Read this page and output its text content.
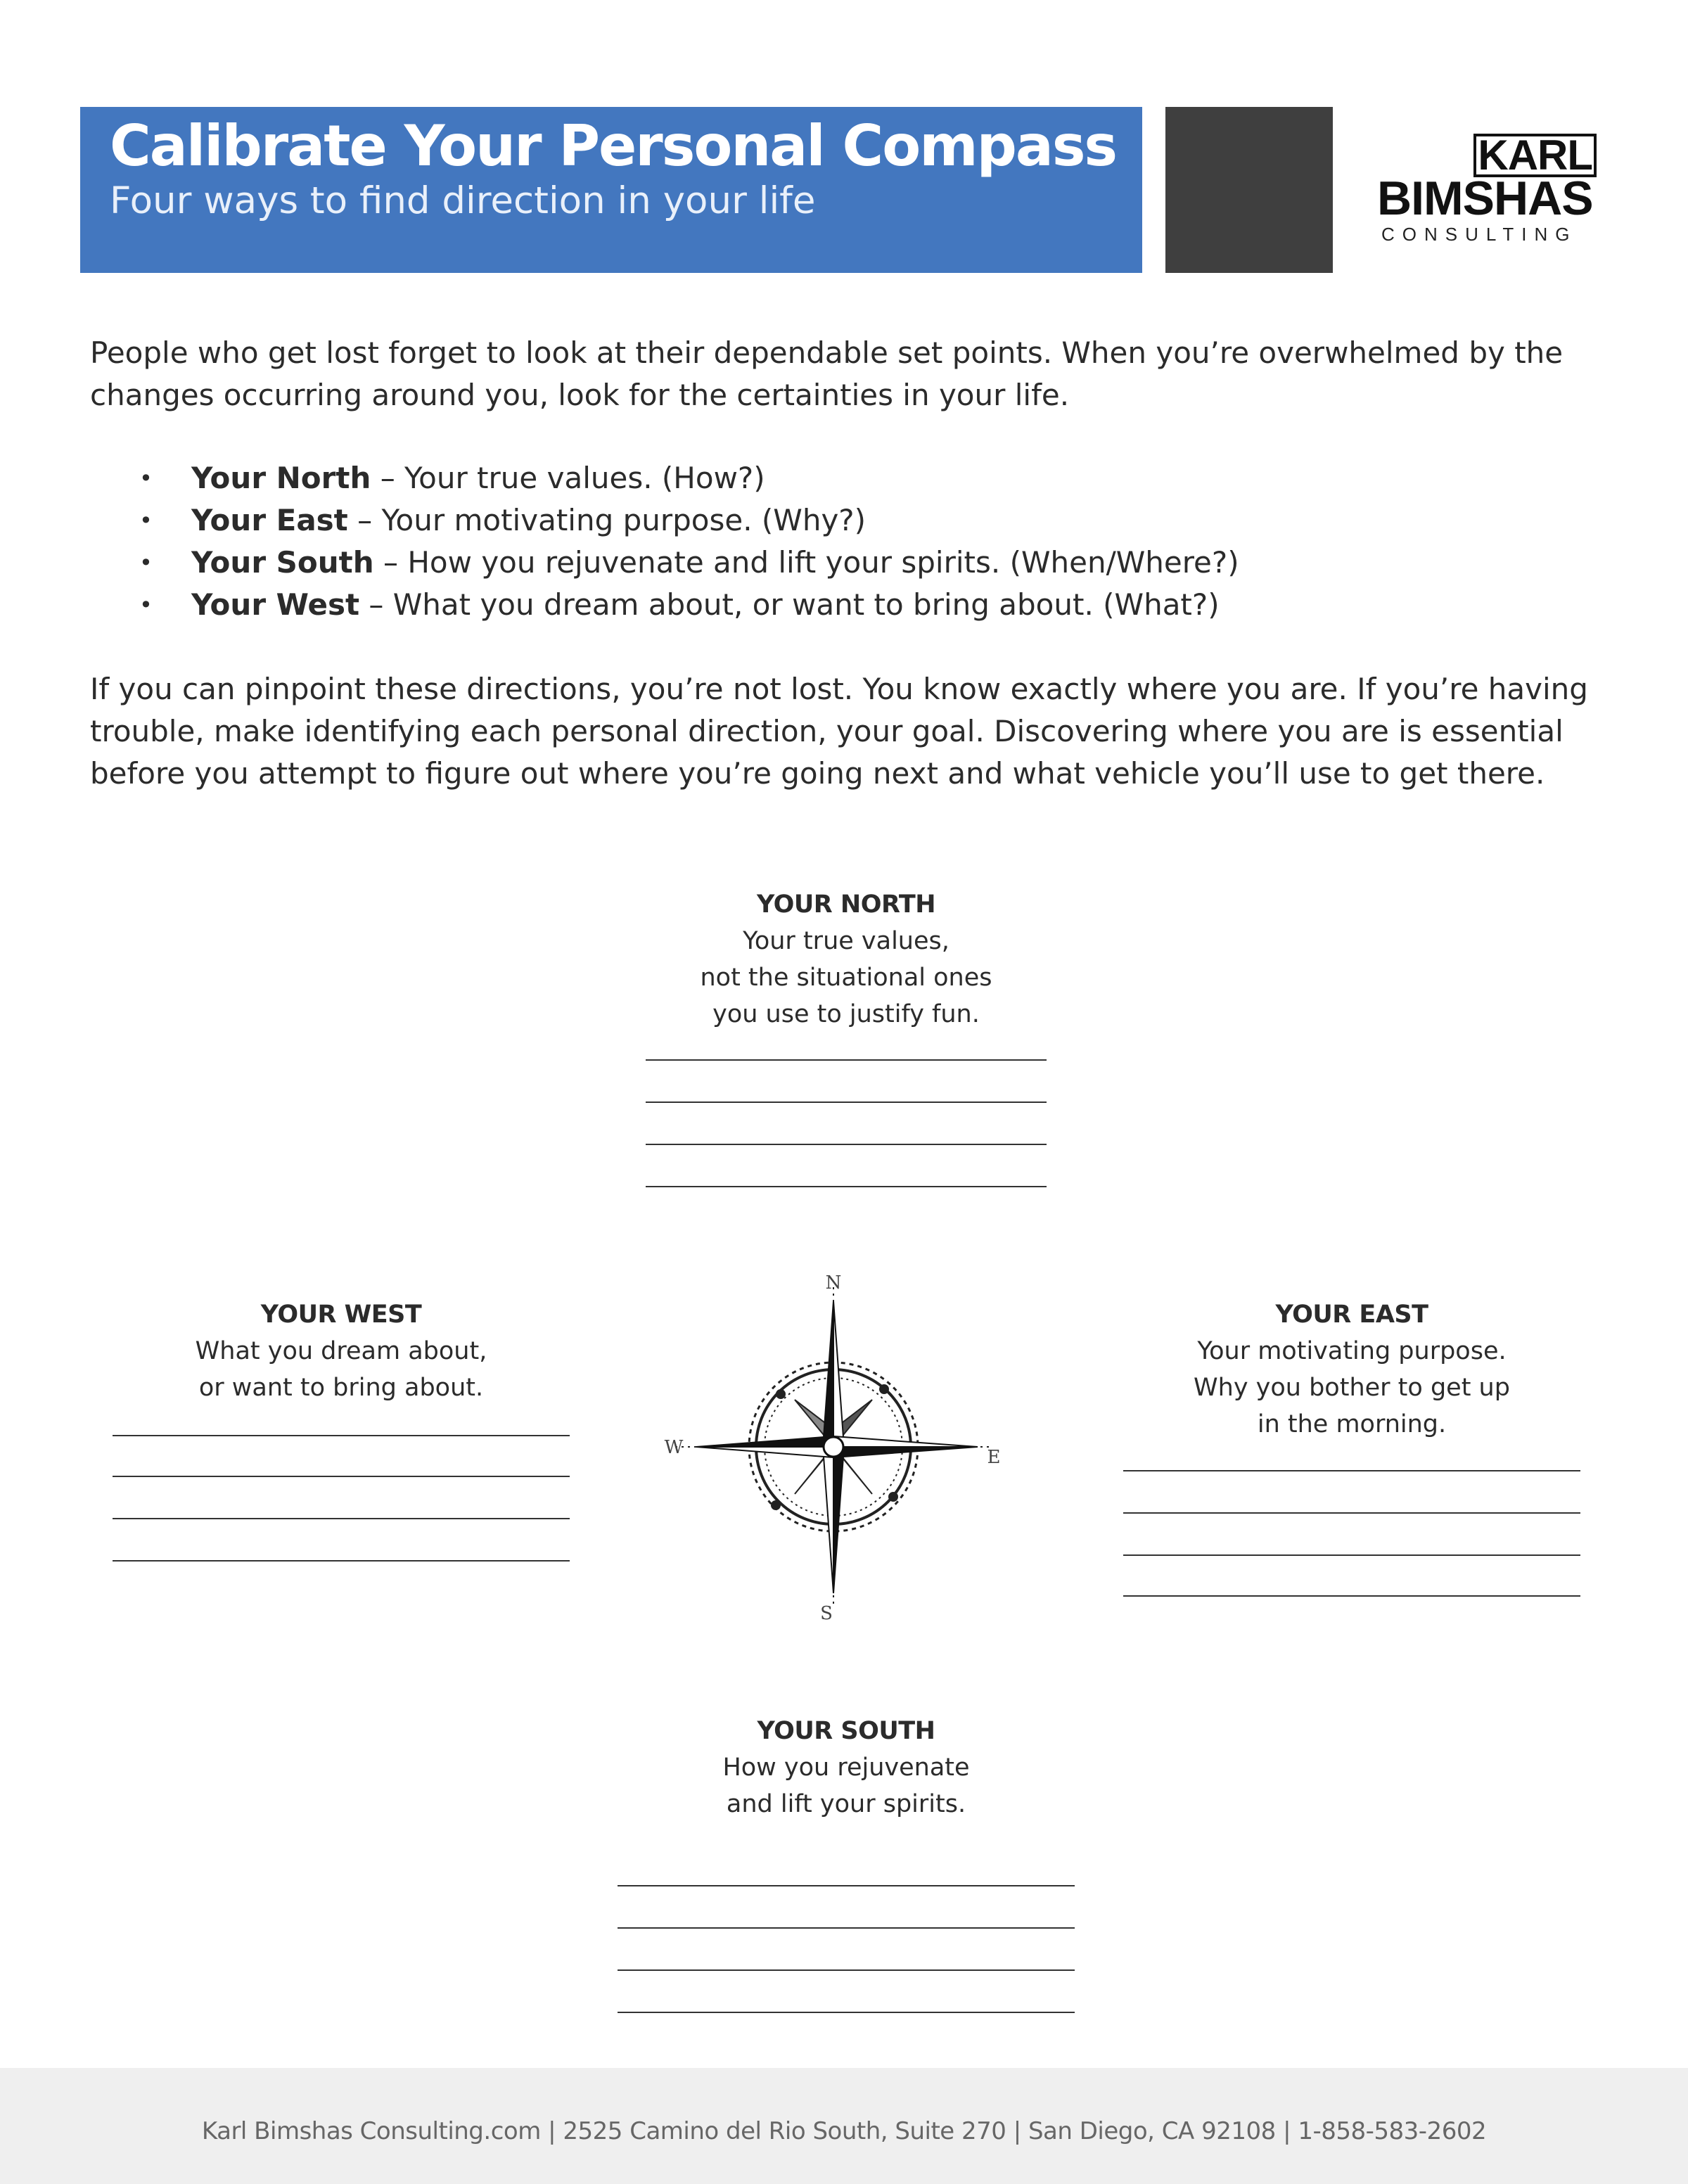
Calibrate Your Personal Compass
Four ways to find direction in your life
KARL
BIMSHAS
CONSULTING
People who get lost forget to look at their dependable set points. When you’re overwhelmed by the changes occurring around you, look for the certainties in your life.
• Your North – Your true values. (How?)
• Your East – Your motivating purpose. (Why?)
• Your South – How you rejuvenate and lift your spirits. (When/Where?)
• Your West – What you dream about, or want to bring about. (What?)
If you can pinpoint these directions, you’re not lost. You know exactly where you are. If you’re having trouble, make identifying each personal direction, your goal. Discovering where you are is essential before you attempt to figure out where you’re going next and what vehicle you’ll use to get there.
YOUR NORTH
Your true values,
not the situational ones
you use to justify fun.
YOUR WEST
What you dream about,
or want to bring about.
YOUR EAST
Your motivating purpose.
Why you bother to get up
in the morning.
N
S
W	E
YOUR SOUTH
How you rejuvenate
and lift your spirits.
Karl Bimshas Consulting.com | 2525 Camino del Rio South, Suite 270 | San Diego, CA 92108 | 1-858-583-2602
